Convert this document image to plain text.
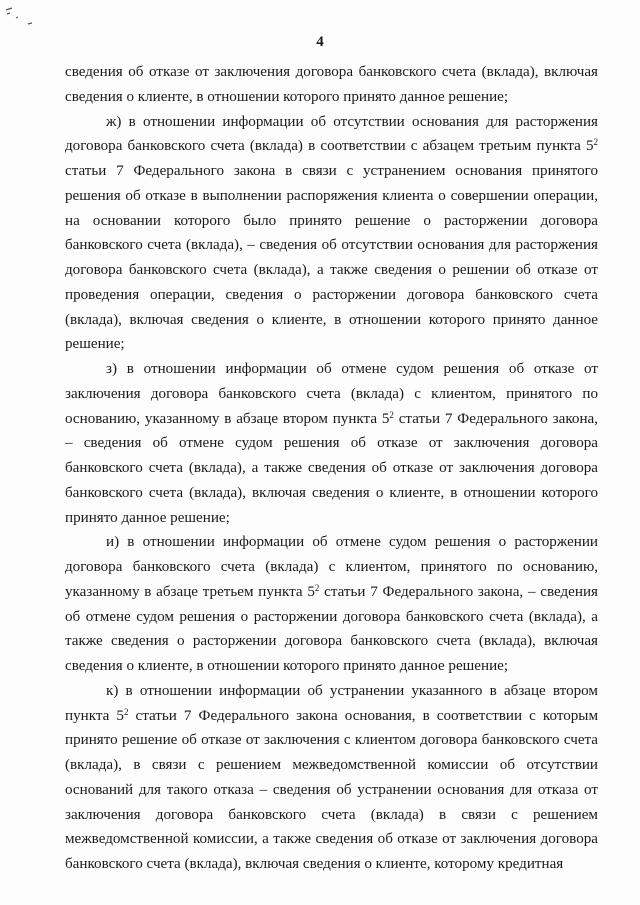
4

сведения об отказе от заключения договора банковского счета (вклада), включая сведения о клиенте, в отношении которого принято данное решение;

ж) в отношении информации об отсутствии основания для расторжения договора банковского счета (вклада) в соответствии с абзацем третьим пункта $5^2$ статьи 7 Федерального закона в связи с устранением основания принятого решения об отказе в выполнении распоряжения клиента о совершении операции, на основании которого было принято решение о расторжении договора банковского счета (вклада), – сведения об отсутствии основания для расторжения договора банковского счета (вклада), а также сведения о решении об отказе от проведения операции, сведения о расторжении договора банковского счета (вклада), включая сведения о клиенте, в отношении которого принято данное решение;

з) в отношении информации об отмене судом решения об отказе от заключения договора банковского счета (вклада) с клиентом, принятого по основанию, указанному в абзаце втором пункта $5^2$ статьи 7 Федерального закона, – сведения об отмене судом решения об отказе от заключения договора банковского счета (вклада), а также сведения об отказе от заключения договора банковского счета (вклада), включая сведения о клиенте, в отношении которого принято данное решение;

и) в отношении информации об отмене судом решения о расторжении договора банковского счета (вклада) с клиентом, принятого по основанию, указанному в абзаце третьем пункта $5^2$ статьи 7 Федерального закона, – сведения об отмене судом решения о расторжении договора банковского счета (вклада), а также сведения о расторжении договора банковского счета (вклада), включая сведения о клиенте, в отношении которого принято данное решение;

к) в отношении информации об устранении указанного в абзаце втором пункта $5^2$ статьи 7 Федерального закона основания, в соответствии с которым принято решение об отказе от заключения с клиентом договора банковского счета (вклада), в связи с решением межведомственной комиссии об отсутствии оснований для такого отказа – сведения об устранении основания для отказа от заключения договора банковского счета (вклада) в связи с решением межведомственной комиссии, а также сведения об отказе от заключения договора банковского счета (вклада), включая сведения о клиенте, которому кредитная
